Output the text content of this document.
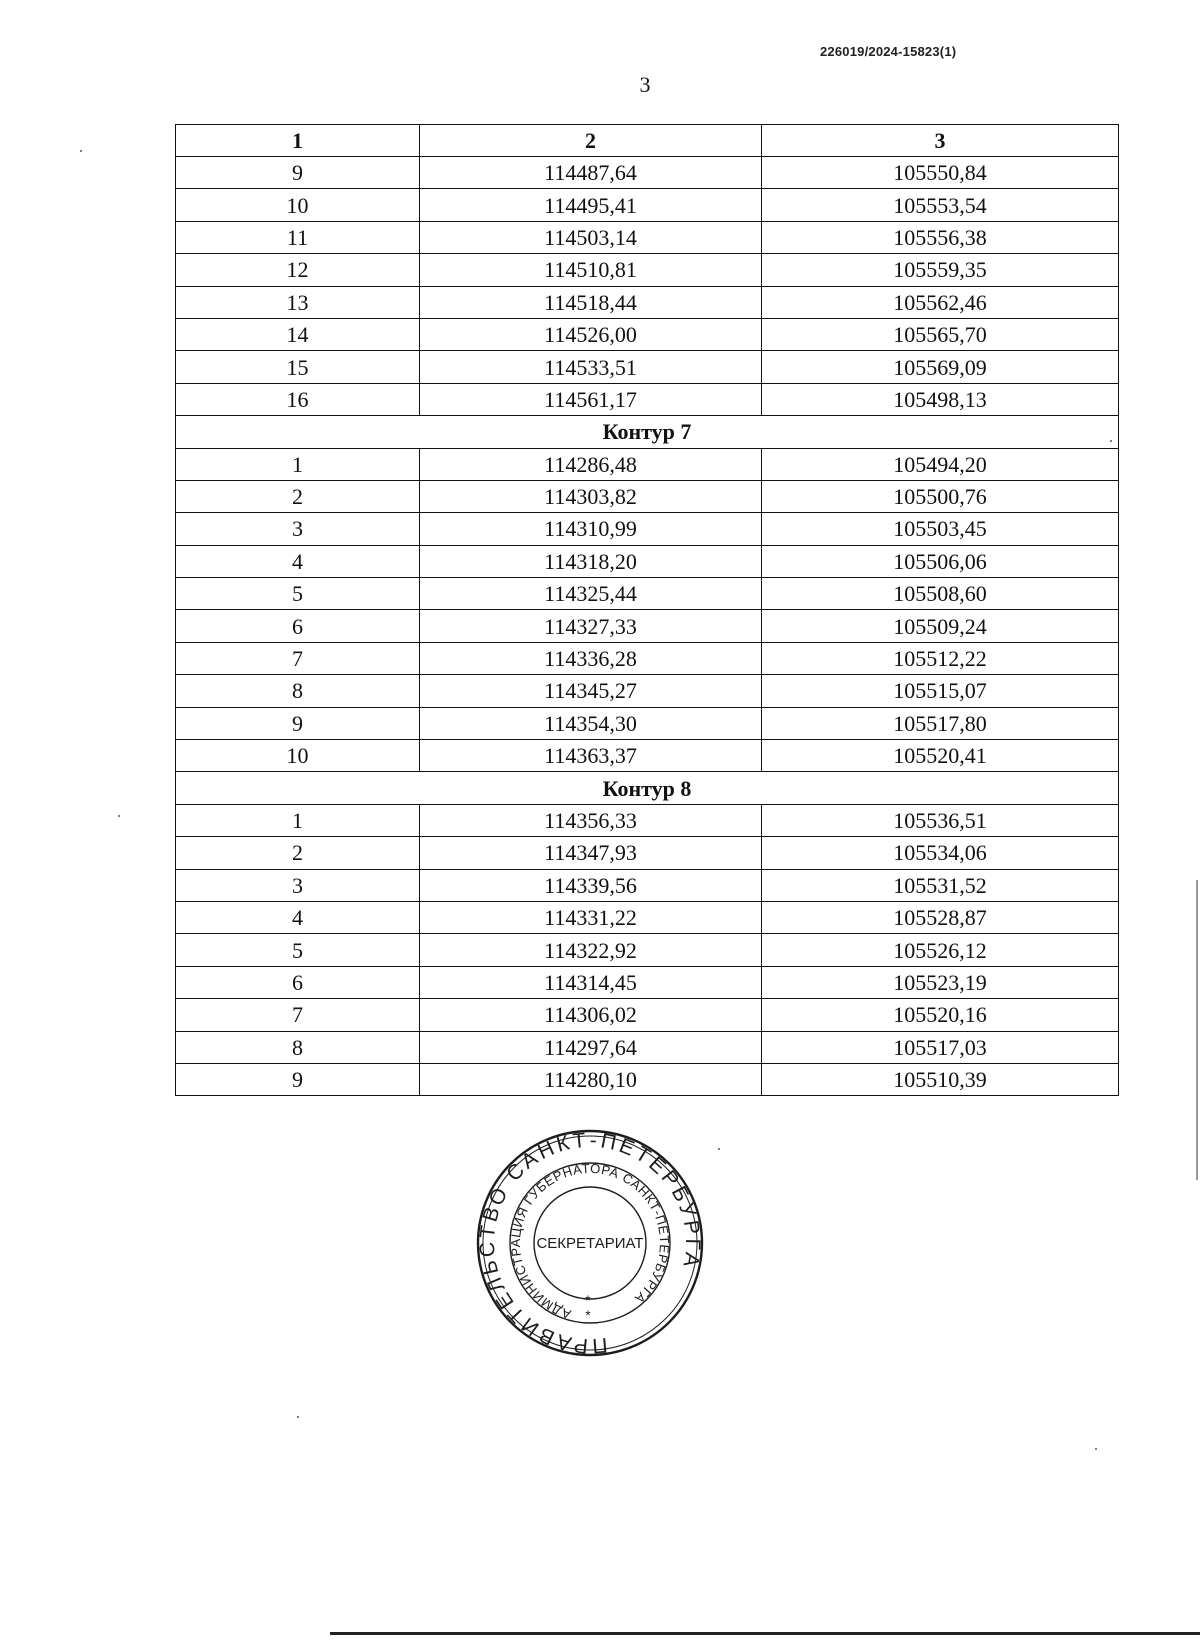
226019/2024-15823(1)
3
1	2	3
9	114487,64	105550,84
10	114495,41	105553,54
11	114503,14	105556,38
12	114510,81	105559,35
13	114518,44	105562,46
14	114526,00	105565,70
15	114533,51	105569,09
16	114561,17	105498,13
Контур 7		
1	114286,48	105494,20
2	114303,82	105500,76
3	114310,99	105503,45
4	114318,20	105506,06
5	114325,44	105508,60
6	114327,33	105509,24
7	114336,28	105512,22
8	114345,27	105515,07
9	114354,30	105517,80
10	114363,37	105520,41
Контур 8		
1	114356,33	105536,51
2	114347,93	105534,06
3	114339,56	105531,52
4	114331,22	105528,87
5	114322,92	105526,12
6	114314,45	105523,19
7	114306,02	105520,16
8	114297,64	105517,03
9	114280,10	105510,39
ПРАВИТЕЛЬСТВО САНКТ-ПЕТЕРБУРГА
АДМИНИСТРАЦИЯ ГУБЕРНАТОРА САНКТ-ПЕТЕРБУРГА
СЕКРЕТАРИАТ
*
*
